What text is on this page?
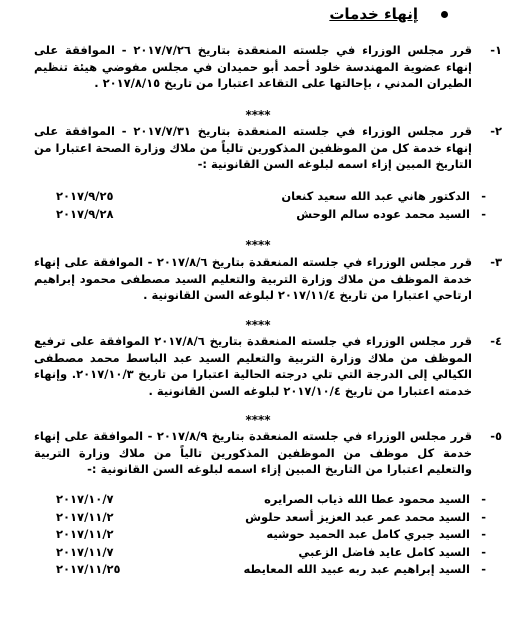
إنهاء خدمات
١-
قرر مجلس الوزراء في جلسته المنعقدة بتاريخ ٢٠١٧/٧/٢٦ - الموافقة على إنهاء عضوية المهندسة خلود أحمد أبو حميدان في مجلس مفوضي هيئة تنظيم الطيران المدني ، بإحالتها على التقاعد اعتبارا من تاريخ ٢٠١٧/٨/١٥ .
****
٢-
قرر مجلس الوزراء في جلسته المنعقدة بتاريخ ٢٠١٧/٧/٣١ - الموافقة على إنهاء خدمة كل من الموظفين المذكورين تالياً من ملاك وزارة الصحة اعتبارا من التاريخ المبين إزاء اسمه لبلوغه السن القانونية :-
-
الدكتور هاني عبد الله سعيد كنعان
٢٠١٧/٩/٢٥
-
السيد محمد عوده سالم الوحش
٢٠١٧/٩/٢٨
****
٣-
قرر مجلس الوزراء في جلسته المنعقدة بتاريخ ٢٠١٧/٨/٦ - الموافقة على إنهاء خدمة الموظف من ملاك وزارة التربية والتعليم السيد مصطفى محمود إبراهيم ارتاحي اعتبارا من تاريخ ٢٠١٧/١١/٤ لبلوغه السن القانونية .
****
٤-
قرر مجلس الوزراء في جلسته المنعقدة بتاريخ ٢٠١٧/٨/٦ الموافقة على ترفيع الموظف من ملاك وزارة التربية والتعليم السيد عبد الباسط محمد مصطفى الكيالي إلى الدرجة التي تلي درجته الحالية اعتبارا من تاريخ ٢٠١٧/١٠/٣. وإنهاء خدمته اعتبارا من تاريخ ٢٠١٧/١٠/٤ لبلوغه السن القانونية .
****
٥-
قرر مجلس الوزراء في جلسته المنعقدة بتاريخ ٢٠١٧/٨/٩ - الموافقة على إنهاء خدمة كل موظف من الموظفين المذكورين تالياً من ملاك وزارة التربية والتعليم اعتبارا من التاريخ المبين إزاء اسمه لبلوغه السن القانونية :-
-
السيد محمود عطا الله ذياب الصرايره
٢٠١٧/١٠/٧
-
السيد محمد عمر عبد العزيز أسعد حلوش
٢٠١٧/١١/٢
-
السيد جبري كامل عبد الحميد حوشيه
٢٠١٧/١١/٢
-
السيد كامل عايد فاضل الزعبي
٢٠١٧/١١/٧
-
السيد إبراهيم عبد ربه عبيد الله المعايطه
٢٠١٧/١١/٢٥
